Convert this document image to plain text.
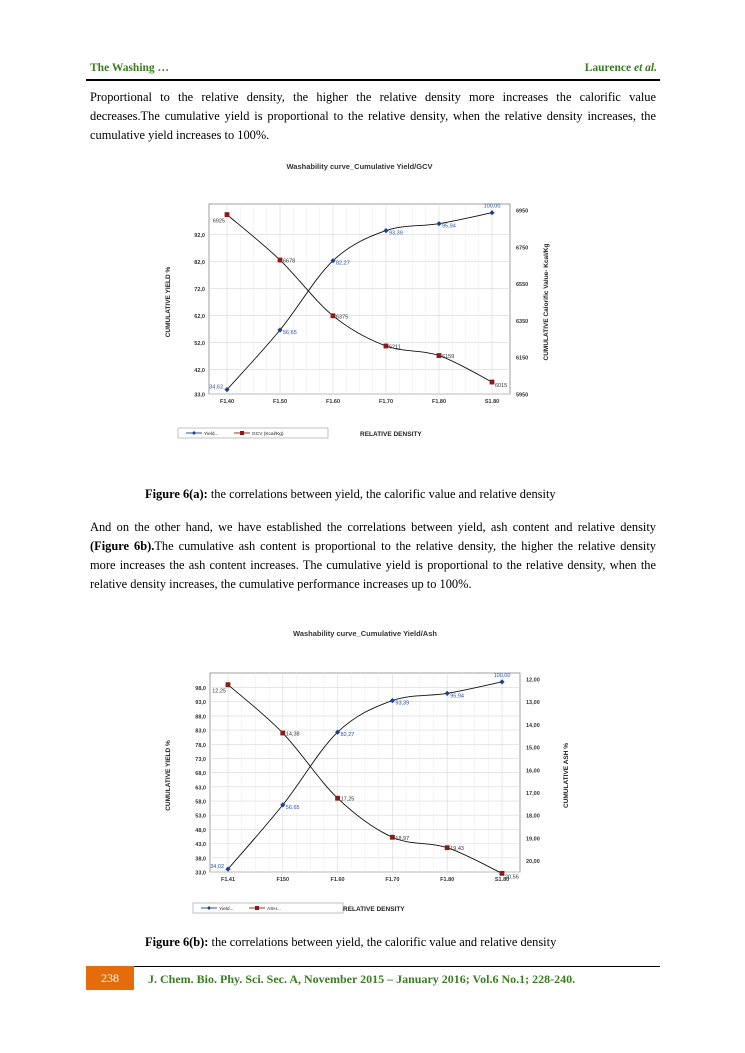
The Washing …	Laurence et al.

Proportional to the relative density, the higher the relative density more increases the calorific value decreases.The cumulative yield is proportional to the relative density, when the relative density increases, the cumulative yield increases to 100%.

Washability curve_Cumulative Yield/GCV
33,0
42,0
52,0
62,0
72,0
82,0
92,0
5950
6150
6350
6550
6750
6950
F1.40	F1.50	F1.60	F1.70	F1.80	S1.80
CUMULATIVE YIELD %	CUMULATIVE Calorific Value- Kcal/Kg
RELATIVE DENSITY
34,62
56,65
82,27
93,39
95,94
100,00
6925
6678
6375
6211
6159
6015
Yield...	GCV (Kcal/Kg)
Figure 6(a): the correlations between yield, the calorific value and relative density

And on the other hand, we have established the correlations between yield, ash content and relative density (Figure 6b).The cumulative ash content is proportional to the relative density, the higher the relative density more increases the ash content increases. The cumulative yield is proportional to the relative density, when the relative density increases, the cumulative performance increases up to 100%.

Washability curve_Cumulative Yield/Ash
33,0
38,0
43,0
48,0
53,0
58,0
63,0
68,0
73,0
78,0
83,0
88,0
93,0
98,0
12,00
13,00
14,00
15,00
16,00
17,00
18,00
19,00
20,00
F1.41	F150	F1.60	F1.70	F1.80	S1.80
CUMULATIVE YIELD %	CUMULATIVE ASH %
RELATIVE DENSITY
34,02
56,65
82,27
93,39
95,94
100,00
12,25
14,38
17,25
18,97
19,43
20,56
Yield...	ASH...
Figure 6(b): the correlations between yield, the calorific value and relative density
238	J. Chem. Bio. Phy. Sci. Sec. A, November 2015 – January 2016; Vol.6 No.1; 228-240.
